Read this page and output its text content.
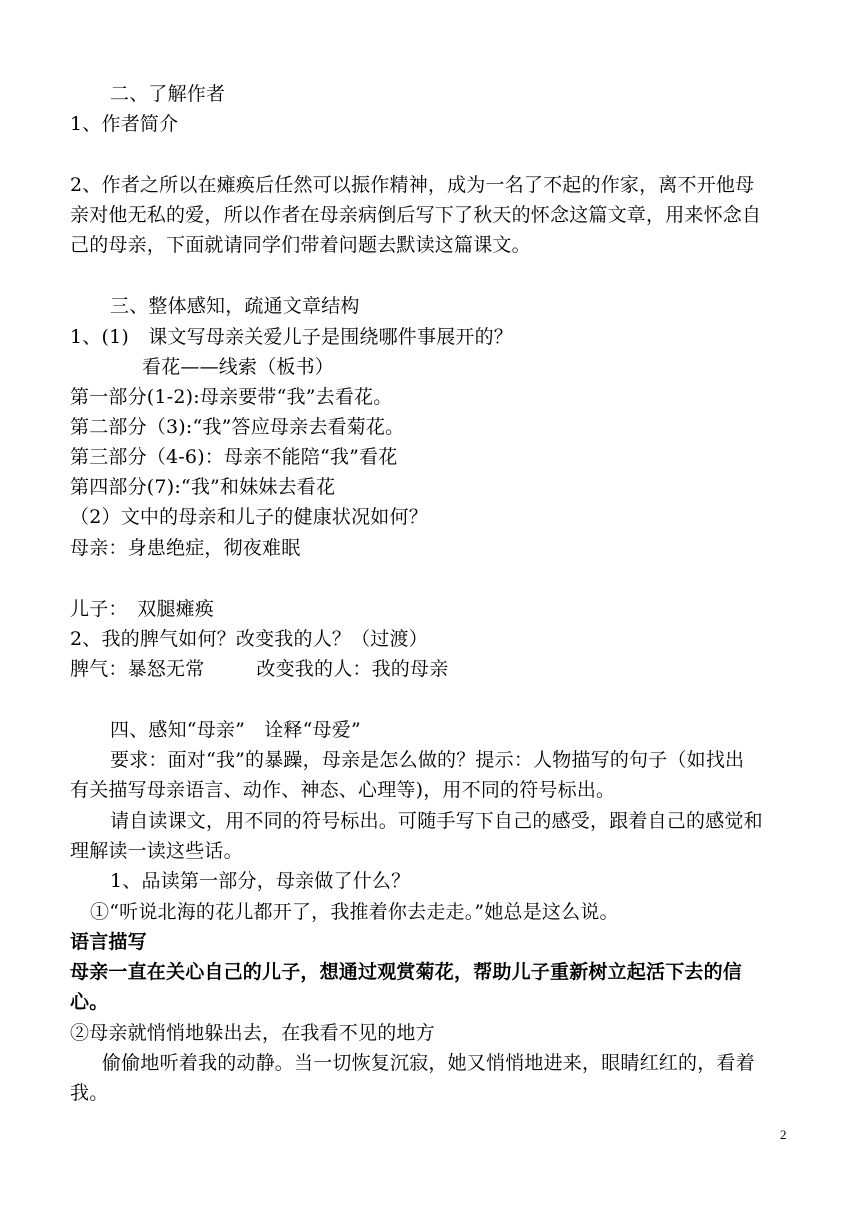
二、了解作者
1、作者简介
2、作者之所以在瘫痪后任然可以振作精神，成为一名了不起的作家，离不开他母
亲对他无私的爱，所以作者在母亲病倒后写下了秋天的怀念这篇文章，用来怀念自
己的母亲，下面就请同学们带着问题去默读这篇课文。
三、整体感知，疏通文章结构
1、(1)　课文写母亲关爱儿子是围绕哪件事展开的？
看花——线索（板书）
第一部分(1-2):母亲要带“我”去看花。
第二部分（3):“我”答应母亲去看菊花。
第三部分（4-6)：母亲不能陪“我”看花
第四部分(7):“我”和妹妹去看花
（2）文中的母亲和儿子的健康状况如何？
母亲：身患绝症，彻夜难眠
儿子：　双腿瘫痪
2、我的脾气如何？改变我的人？（过渡）
脾气：暴怒无常	改变我的人：我的母亲
四、感知“母亲”　诠释“母爱”
要求：面对“我”的暴躁，母亲是怎么做的？提示：人物描写的句子（如找出
有关描写母亲语言、动作、神态、心理等)，用不同的符号标出。
请自读课文，用不同的符号标出。可随手写下自己的感受，跟着自己的感觉和
理解读一读这些话。
1、品读第一部分，母亲做了什么？
①“听说北海的花儿都开了，我推着你去走走。”她总是这么说。
语言描写
母亲一直在关心自己的儿子，想通过观赏菊花，帮助儿子重新树立起活下去的信
心。
②母亲就悄悄地躲出去，在我看不见的地方
偷偷地听着我的动静。当一切恢复沉寂，她又悄悄地进来，眼睛红红的，看着
我。
2
